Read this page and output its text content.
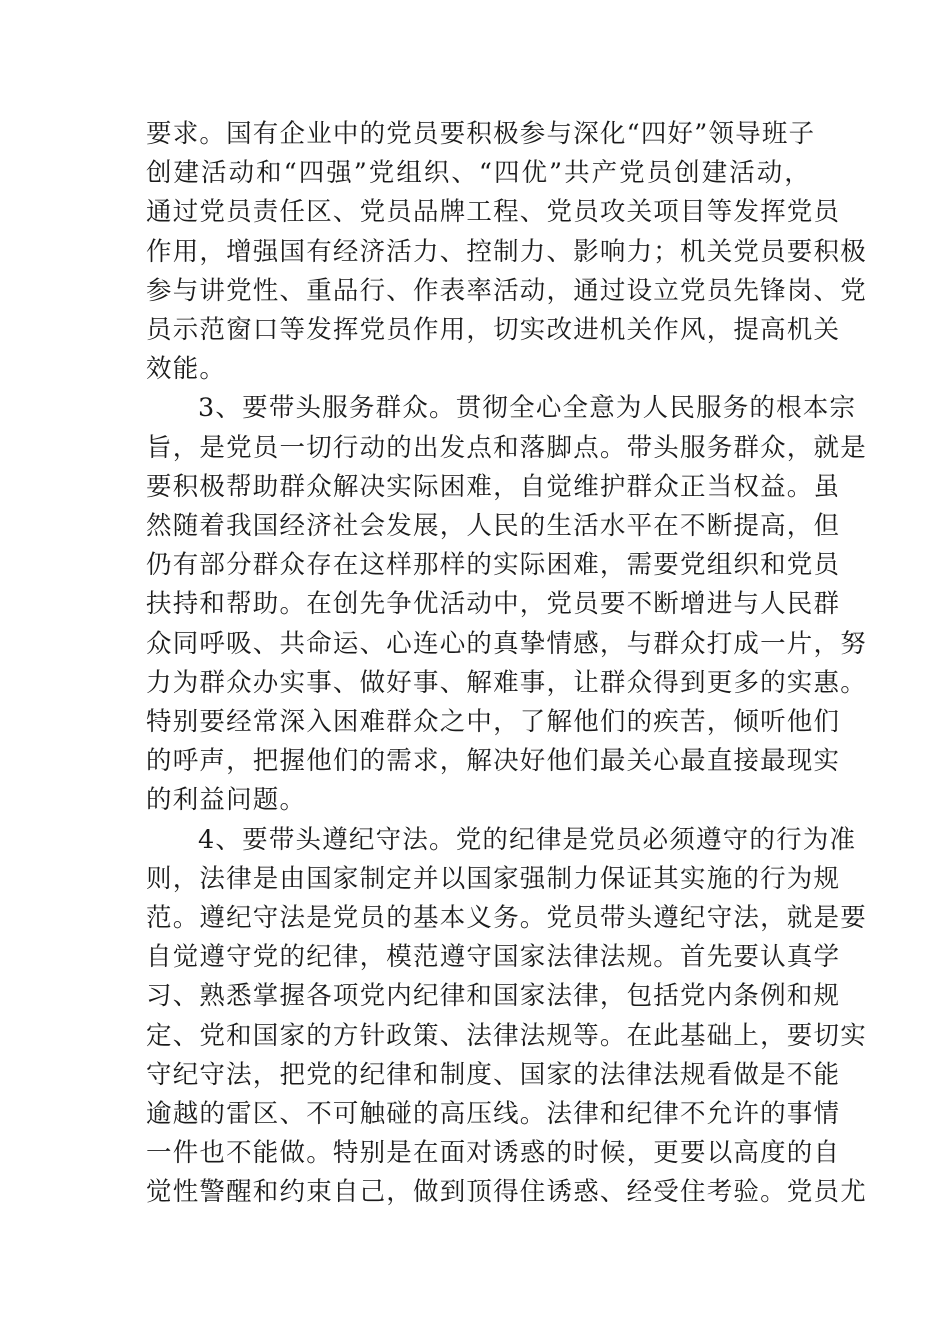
要求。国有企业中的党员要积极参与深化“四好”领导班子
创建活动和“四强”党组织、“四优”共产党员创建活动，
通过党员责任区、党员品牌工程、党员攻关项目等发挥党员
作用，增强国有经济活力、控制力、影响力；机关党员要积极
参与讲党性、重品行、作表率活动，通过设立党员先锋岗、党
员示范窗口等发挥党员作用，切实改进机关作风，提高机关
效能。
3、要带头服务群众。贯彻全心全意为人民服务的根本宗
旨，是党员一切行动的出发点和落脚点。带头服务群众，就是
要积极帮助群众解决实际困难，自觉维护群众正当权益。虽
然随着我国经济社会发展，人民的生活水平在不断提高，但
仍有部分群众存在这样那样的实际困难，需要党组织和党员
扶持和帮助。在创先争优活动中，党员要不断增进与人民群
众同呼吸、共命运、心连心的真挚情感，与群众打成一片，努
力为群众办实事、做好事、解难事，让群众得到更多的实惠。
特别要经常深入困难群众之中，了解他们的疾苦，倾听他们
的呼声，把握他们的需求，解决好他们最关心最直接最现实
的利益问题。
4、要带头遵纪守法。党的纪律是党员必须遵守的行为准
则，法律是由国家制定并以国家强制力保证其实施的行为规
范。遵纪守法是党员的基本义务。党员带头遵纪守法，就是要
自觉遵守党的纪律，模范遵守国家法律法规。首先要认真学
习、熟悉掌握各项党内纪律和国家法律，包括党内条例和规
定、党和国家的方针政策、法律法规等。在此基础上，要切实
守纪守法，把党的纪律和制度、国家的法律法规看做是不能
逾越的雷区、不可触碰的高压线。法律和纪律不允许的事情
一件也不能做。特别是在面对诱惑的时候，更要以高度的自
觉性警醒和约束自己，做到顶得住诱惑、经受住考验。党员尤
